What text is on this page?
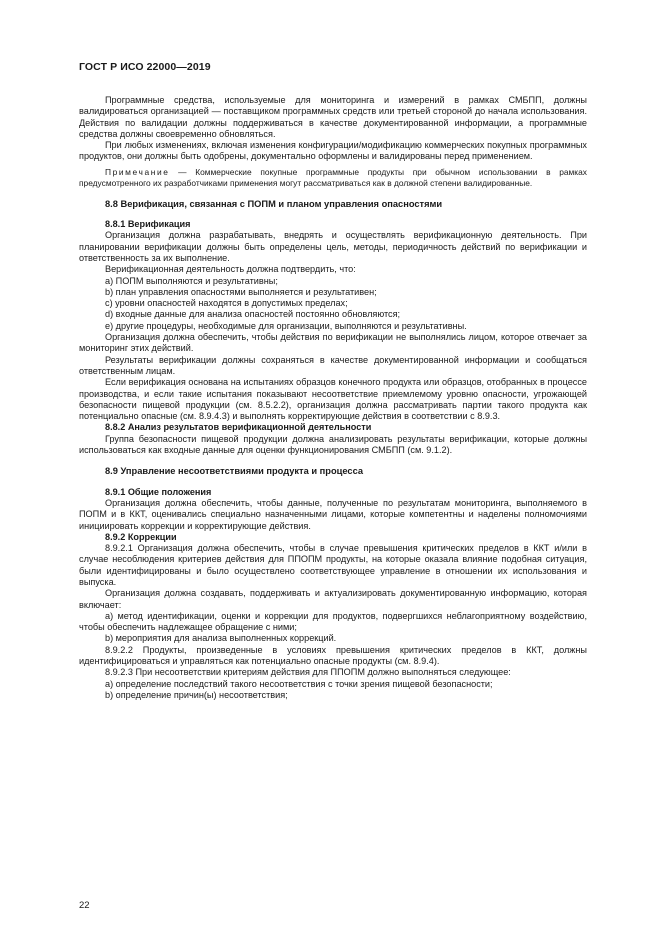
ГОСТ Р ИСО 22000—2019

Программные средства, используемые для мониторинга и измерений в рамках СМБПП, должны валидироваться организацией — поставщиком программных средств или третьей стороной до начала использования. Действия по валидации должны поддерживаться в качестве документированной информации, а программные средства должны своевременно обновляться.

При любых изменениях, включая изменения конфигурации/модификацию коммерческих покупных программных продуктов, они должны быть одобрены, документально оформлены и валидированы перед применением.

Примечание — Коммерческие покупные программные продукты при обычном использовании в рамках предусмотренного их разработчиками применения могут рассматриваться как в должной степени валидированные.

8.8 Верификация, связанная с ПОПМ и планом управления опасностями

8.8.1 Верификация

Организация должна разрабатывать, внедрять и осуществлять верификационную деятельность. При планировании верификации должны быть определены цель, методы, периодичность действий по верификации и ответственность за их выполнение.

Верификационная деятельность должна подтвердить, что:

a) ПОПМ выполняются и результативны;

b) план управления опасностями выполняется и результативен;

c) уровни опасностей находятся в допустимых пределах;

d) входные данные для анализа опасностей постоянно обновляются;

e) другие процедуры, необходимые для организации, выполняются и результативны.

Организация должна обеспечить, чтобы действия по верификации не выполнялись лицом, которое отвечает за мониторинг этих действий.

Результаты верификации должны сохраняться в качестве документированной информации и сообщаться ответственным лицам.

Если верификация основана на испытаниях образцов конечного продукта или образцов, отобранных в процессе производства, и если такие испытания показывают несоответствие приемлемому уровню опасности, угрожающей безопасности пищевой продукции (см. 8.5.2.2), организация должна рассматривать партии такого продукта как потенциально опасные (см. 8.9.4.3) и выполнять корректирующие действия в соответствии с 8.9.3.

8.8.2 Анализ результатов верификационной деятельности

Группа безопасности пищевой продукции должна анализировать результаты верификации, которые должны использоваться как входные данные для оценки функционирования СМБПП (см. 9.1.2).

8.9 Управление несоответствиями продукта и процесса

8.9.1 Общие положения

Организация должна обеспечить, чтобы данные, полученные по результатам мониторинга, выполняемого в ПОПМ и в ККТ, оценивались специально назначенными лицами, которые компетентны и наделены полномочиями инициировать коррекции и корректирующие действия.

8.9.2 Коррекции

8.9.2.1 Организация должна обеспечить, чтобы в случае превышения критических пределов в ККТ и/или в случае несоблюдения критериев действия для ППОПМ продукты, на которые оказала влияние подобная ситуация, были идентифицированы и было осуществлено соответствующее управление в отношении их использования и выпуска.

Организация должна создавать, поддерживать и актуализировать документированную информацию, которая включает:

a) метод идентификации, оценки и коррекции для продуктов, подвергшихся неблагоприятному воздействию, чтобы обеспечить надлежащее обращение с ними;

b) мероприятия для анализа выполненных коррекций.

8.9.2.2 Продукты, произведенные в условиях превышения критических пределов в ККТ, должны идентифицироваться и управляться как потенциально опасные продукты (см. 8.9.4).

8.9.2.3 При несоответствии критериям действия для ППОПМ должно выполняться следующее:

a) определение последствий такого несоответствия с точки зрения пищевой безопасности;

b) определение причин(ы) несоответствия;

22
